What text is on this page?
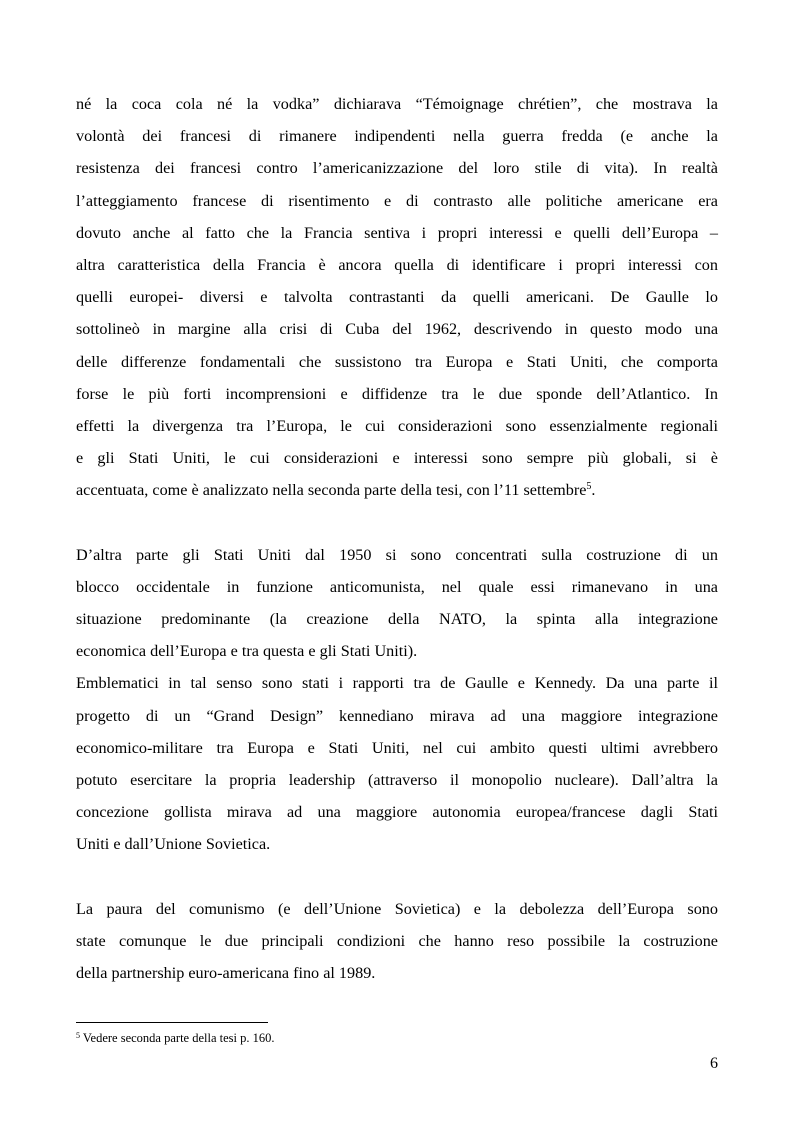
né la coca cola né la vodka” dichiarava “Témoignage chrétien”, che mostrava la
volontà dei francesi di rimanere indipendenti nella guerra fredda (e anche la
resistenza dei francesi contro l’americanizzazione del loro stile di vita). In realtà
l’atteggiamento francese di risentimento e di contrasto alle politiche americane era
dovuto anche al fatto che la Francia sentiva i propri interessi e quelli dell’Europa –
altra caratteristica della Francia è ancora quella di identificare i propri interessi con
quelli europei- diversi e talvolta contrastanti da quelli americani. De Gaulle lo
sottolineò in margine alla crisi di Cuba del 1962, descrivendo in questo modo una
delle differenze fondamentali che sussistono tra Europa e Stati Uniti, che comporta
forse le più forti incomprensioni e diffidenze tra le due sponde dell’Atlantico. In
effetti la divergenza tra l’Europa, le cui considerazioni sono essenzialmente regionali
e gli Stati Uniti, le cui considerazioni e interessi sono sempre più globali, si è
accentuata, come è analizzato nella seconda parte della tesi, con l’11 settembre$^5$.
D’altra parte gli Stati Uniti dal 1950 si sono concentrati sulla costruzione di un
blocco occidentale in funzione anticomunista, nel quale essi rimanevano in una
situazione predominante (la creazione della NATO, la spinta alla integrazione
economica dell’Europa e tra questa e gli Stati Uniti).
Emblematici in tal senso sono stati i rapporti tra de Gaulle e Kennedy. Da una parte il
progetto di un “Grand Design” kennediano mirava ad una maggiore integrazione
economico-militare tra Europa e Stati Uniti, nel cui ambito questi ultimi avrebbero
potuto esercitare la propria leadership (attraverso il monopolio nucleare). Dall’altra la
concezione gollista mirava ad una maggiore autonomia europea/francese dagli Stati
Uniti e dall’Unione Sovietica.
La paura del comunismo (e dell’Unione Sovietica) e la debolezza dell’Europa sono
state comunque le due principali condizioni che hanno reso possibile la costruzione
della partnership euro-americana fino al 1989.
$^5$ Vedere seconda parte della tesi p. 160.
6
